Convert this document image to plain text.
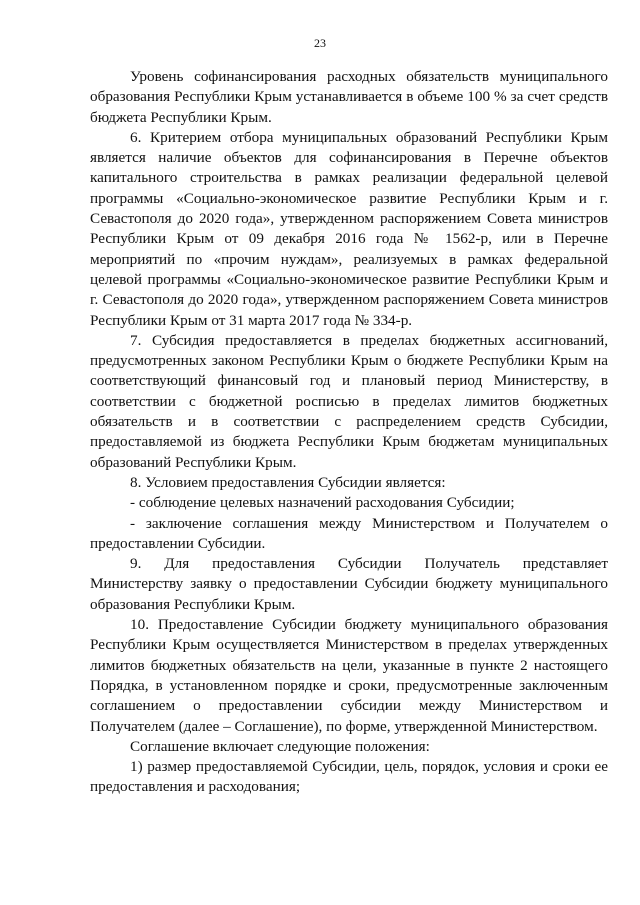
23

Уровень софинансирования расходных обязательств муниципального образования Республики Крым устанавливается в объеме 100 % за счет средств бюджета Республики Крым.

6. Критерием отбора муниципальных образований Республики Крым является наличие объектов для софинансирования в Перечне объектов капитального строительства в рамках реализации федеральной целевой программы «Социально-экономическое развитие Республики Крым и г. Севастополя до 2020 года», утвержденном распоряжением Совета министров Республики Крым от 09 декабря 2016 года № 1562-р, или в Перечне мероприятий по «прочим нуждам», реализуемых в рамках федеральной целевой программы «Социально-экономическое развитие Республики Крым и г. Севастополя до 2020 года», утвержденном распоряжением Совета министров Республики Крым от 31 марта 2017 года № 334-р.

7. Субсидия предоставляется в пределах бюджетных ассигнований, предусмотренных законом Республики Крым о бюджете Республики Крым на соответствующий финансовый год и плановый период Министерству, в соответствии с бюджетной росписью в пределах лимитов бюджетных обязательств и в соответствии с распределением средств Субсидии, предоставляемой из бюджета Республики Крым бюджетам муниципальных образований Республики Крым.

8. Условием предоставления Субсидии является:

- соблюдение целевых назначений расходования Субсидии;

- заключение соглашения между Министерством и Получателем о предоставлении Субсидии.

9. Для предоставления Субсидии Получатель представляет Министерству заявку о предоставлении Субсидии бюджету муниципального образования Республики Крым.

10. Предоставление Субсидии бюджету муниципального образования Республики Крым осуществляется Министерством в пределах утвержденных лимитов бюджетных обязательств на цели, указанные в пункте 2 настоящего Порядка, в установленном порядке и сроки, предусмотренные заключенным соглашением о предоставлении субсидии между Министерством и Получателем (далее – Соглашение), по форме, утвержденной Министерством.

Соглашение включает следующие положения:

1) размер предоставляемой Субсидии, цель, порядок, условия и сроки ее предоставления и расходования;
